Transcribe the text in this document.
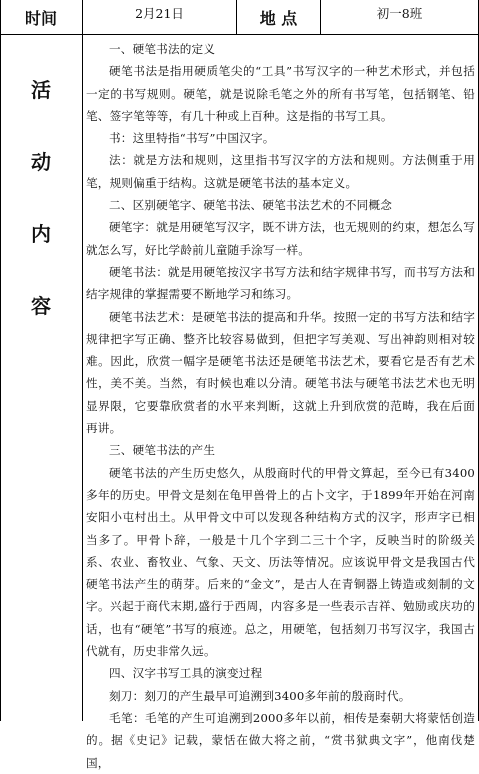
时间	2月21日	地 点	初一8班
活
动
内
容

一、硬笔书法的定义

硬笔书法是指用硬质笔尖的“工具”书写汉字的一种艺术形式，并包括一定的书写规则。硬笔，就是说除毛笔之外的所有书写笔，包括钢笔、铅笔、签字笔等等，有几十种或上百种。这是指的书写工具。

书：这里特指“书写”中国汉字。

法：就是方法和规则，这里指书写汉字的方法和规则。方法侧重于用笔，规则偏重于结构。这就是硬笔书法的基本定义。

二、区别硬笔字、硬笔书法、硬笔书法艺术的不同概念

硬笔字：就是用硬笔写汉字，既不讲方法，也无规则的约束，想怎么写就怎么写，好比学龄前儿童随手涂写一样。

硬笔书法：就是用硬笔按汉字书写方法和结字规律书写，而书写方法和结字规律的掌握需要不断地学习和练习。

硬笔书法艺术：是硬笔书法的提高和升华。按照一定的书写方法和结字规律把字写正确、整齐比较容易做到，但把字写美观、写出神韵则相对较难。因此，欣赏一幅字是硬笔书法还是硬笔书法艺术，要看它是否有艺术性，美不美。当然，有时候也难以分清。硬笔书法与硬笔书法艺术也无明显界限，它要靠欣赏者的水平来判断，这就上升到欣赏的范畴，我在后面再讲。

三、硬笔书法的产生

硬笔书法的产生历史悠久，从殷商时代的甲骨文算起，至今已有3400多年的历史。甲骨文是刻在龟甲兽骨上的占卜文字，于1899年开始在河南安阳小屯村出土。从甲骨文中可以发现各种结构方式的汉字，形声字已相当多了。甲骨卜辞，一般是十几个字到二三十个字，反映当时的阶级关系、农业、畜牧业、气象、天文、历法等情况。应该说甲骨文是我国古代硬笔书法产生的萌芽。后来的“金文”，是古人在青铜器上铸造或刻制的文字。兴起于商代末期,盛行于西周，内容多是一些表示吉祥、勉励或庆功的话，也有“硬笔”书写的痕迹。总之，用硬笔，包括刻刀书写汉字，我国古代就有，历史非常久远。

四、汉字书写工具的演变过程

刻刀：刻刀的产生最早可追溯到3400多年前的殷商时代。

毛笔：毛笔的产生可追溯到2000多年以前，相传是秦朝大将蒙恬创造的。据《史记》记载，蒙恬在做大将之前，“赏书狱典文字”，他南伐楚国，
